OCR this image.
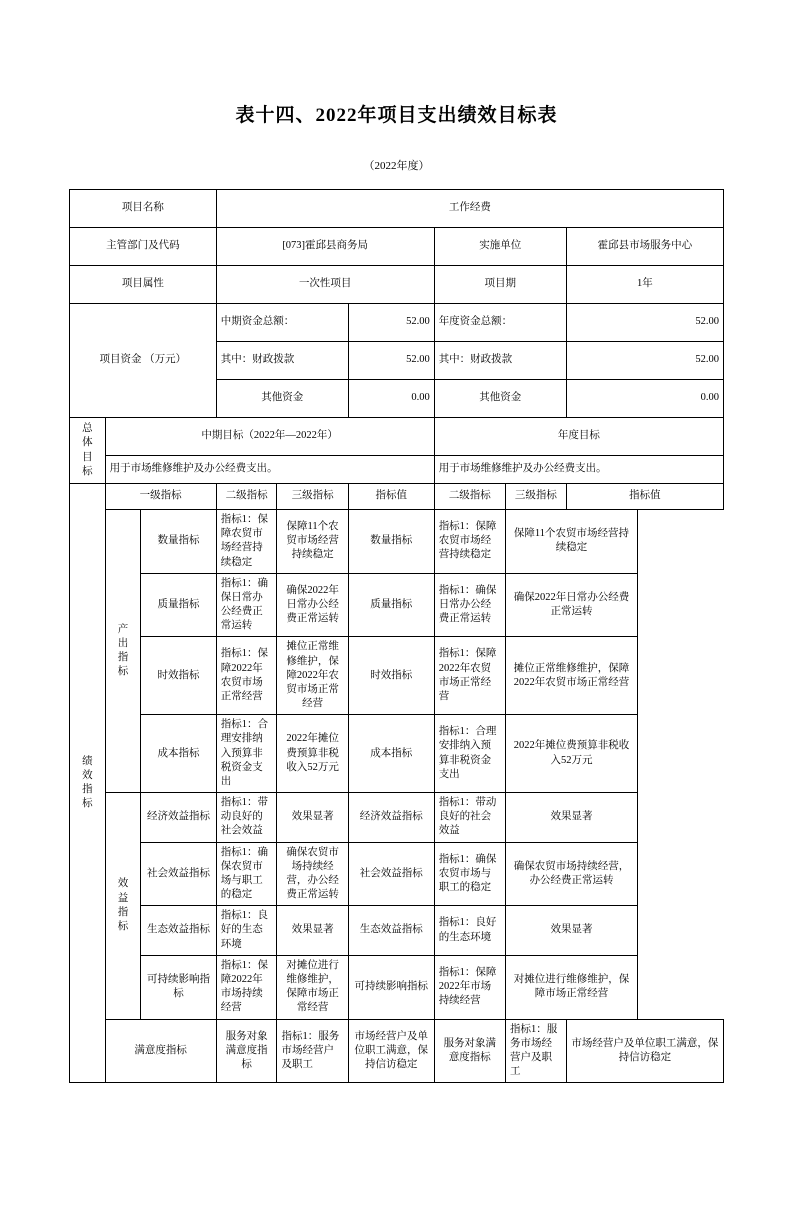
表十四、2022年项目支出绩效目标表
（2022年度）
项目名称			工作经费					
主管部门及代码			[073]霍邱县商务局			实施单位		霍邱县市场服务中心
项目属性			一次性项目			项目期		1年
项目资金 （万元）			中期资金总额：		52.00	年度资金总额：		52.00
			其中：财政拨款		52.00	其中：财政拨款		52.00
			其他资金		0.00	其他资金		0.00

总
体
目
标	中期目标（2022年—2022年）					年度目标		
	用于市场维修维护及办公经费支出。					用于市场维修维护及办公经费支出。		

绩
效
指
标	一级指标		二级指标	三级指标	指标值	二级指标	三级指标	指标值

	产
出
指
标	数量指标	指标1：保障农贸市场经营持续稳定	保障11个农贸市场经营持续稳定	数量指标	指标1：保障农贸市场经营持续稳定	保障11个农贸市场经营持续稳定	
		质量指标	指标1：确保日常办公经费正常运转	确保2022年日常办公经费正常运转	质量指标	指标1：确保日常办公经费正常运转	确保2022年日常办公经费正常运转	
		时效指标	指标1：保障2022年农贸市场正常经营	摊位正常维修维护，保障2022年农贸市场正常经营	时效指标	指标1：保障2022年农贸市场正常经营	摊位正常维修维护，保障2022年农贸市场正常经营	
		成本指标	指标1：合理安排纳入预算非税资金支出	2022年摊位费预算非税收入52万元	成本指标	指标1：合理安排纳入预算非税资金支出	2022年摊位费预算非税收入52万元	

	效
益
指
标	经济效益指标	指标1：带动良好的社会效益	效果显著	经济效益指标	指标1：带动良好的社会效益	效果显著	
		社会效益指标	指标1：确保农贸市场与职工的稳定	确保农贸市场持续经营，办公经费正常运转	社会效益指标	指标1：确保农贸市场与职工的稳定	确保农贸市场持续经营，办公经费正常运转	
		生态效益指标	指标1：良好的生态环境	效果显著	生态效益指标	指标1：良好的生态环境	效果显著	
		可持续影响指标	指标1：保障2022年市场持续经营	对摊位进行维修维护，保障市场正常经营	可持续影响指标	指标1：保障2022年市场持续经营	对摊位进行维修维护，保障市场正常经营	
	满意度指标		服务对象满意度指标	指标1：服务市场经营户及职工	市场经营户及单位职工满意，保持信访稳定	服务对象满意度指标	指标1：服务市场经营户及职工	市场经营户及单位职工满意，保持信访稳定
